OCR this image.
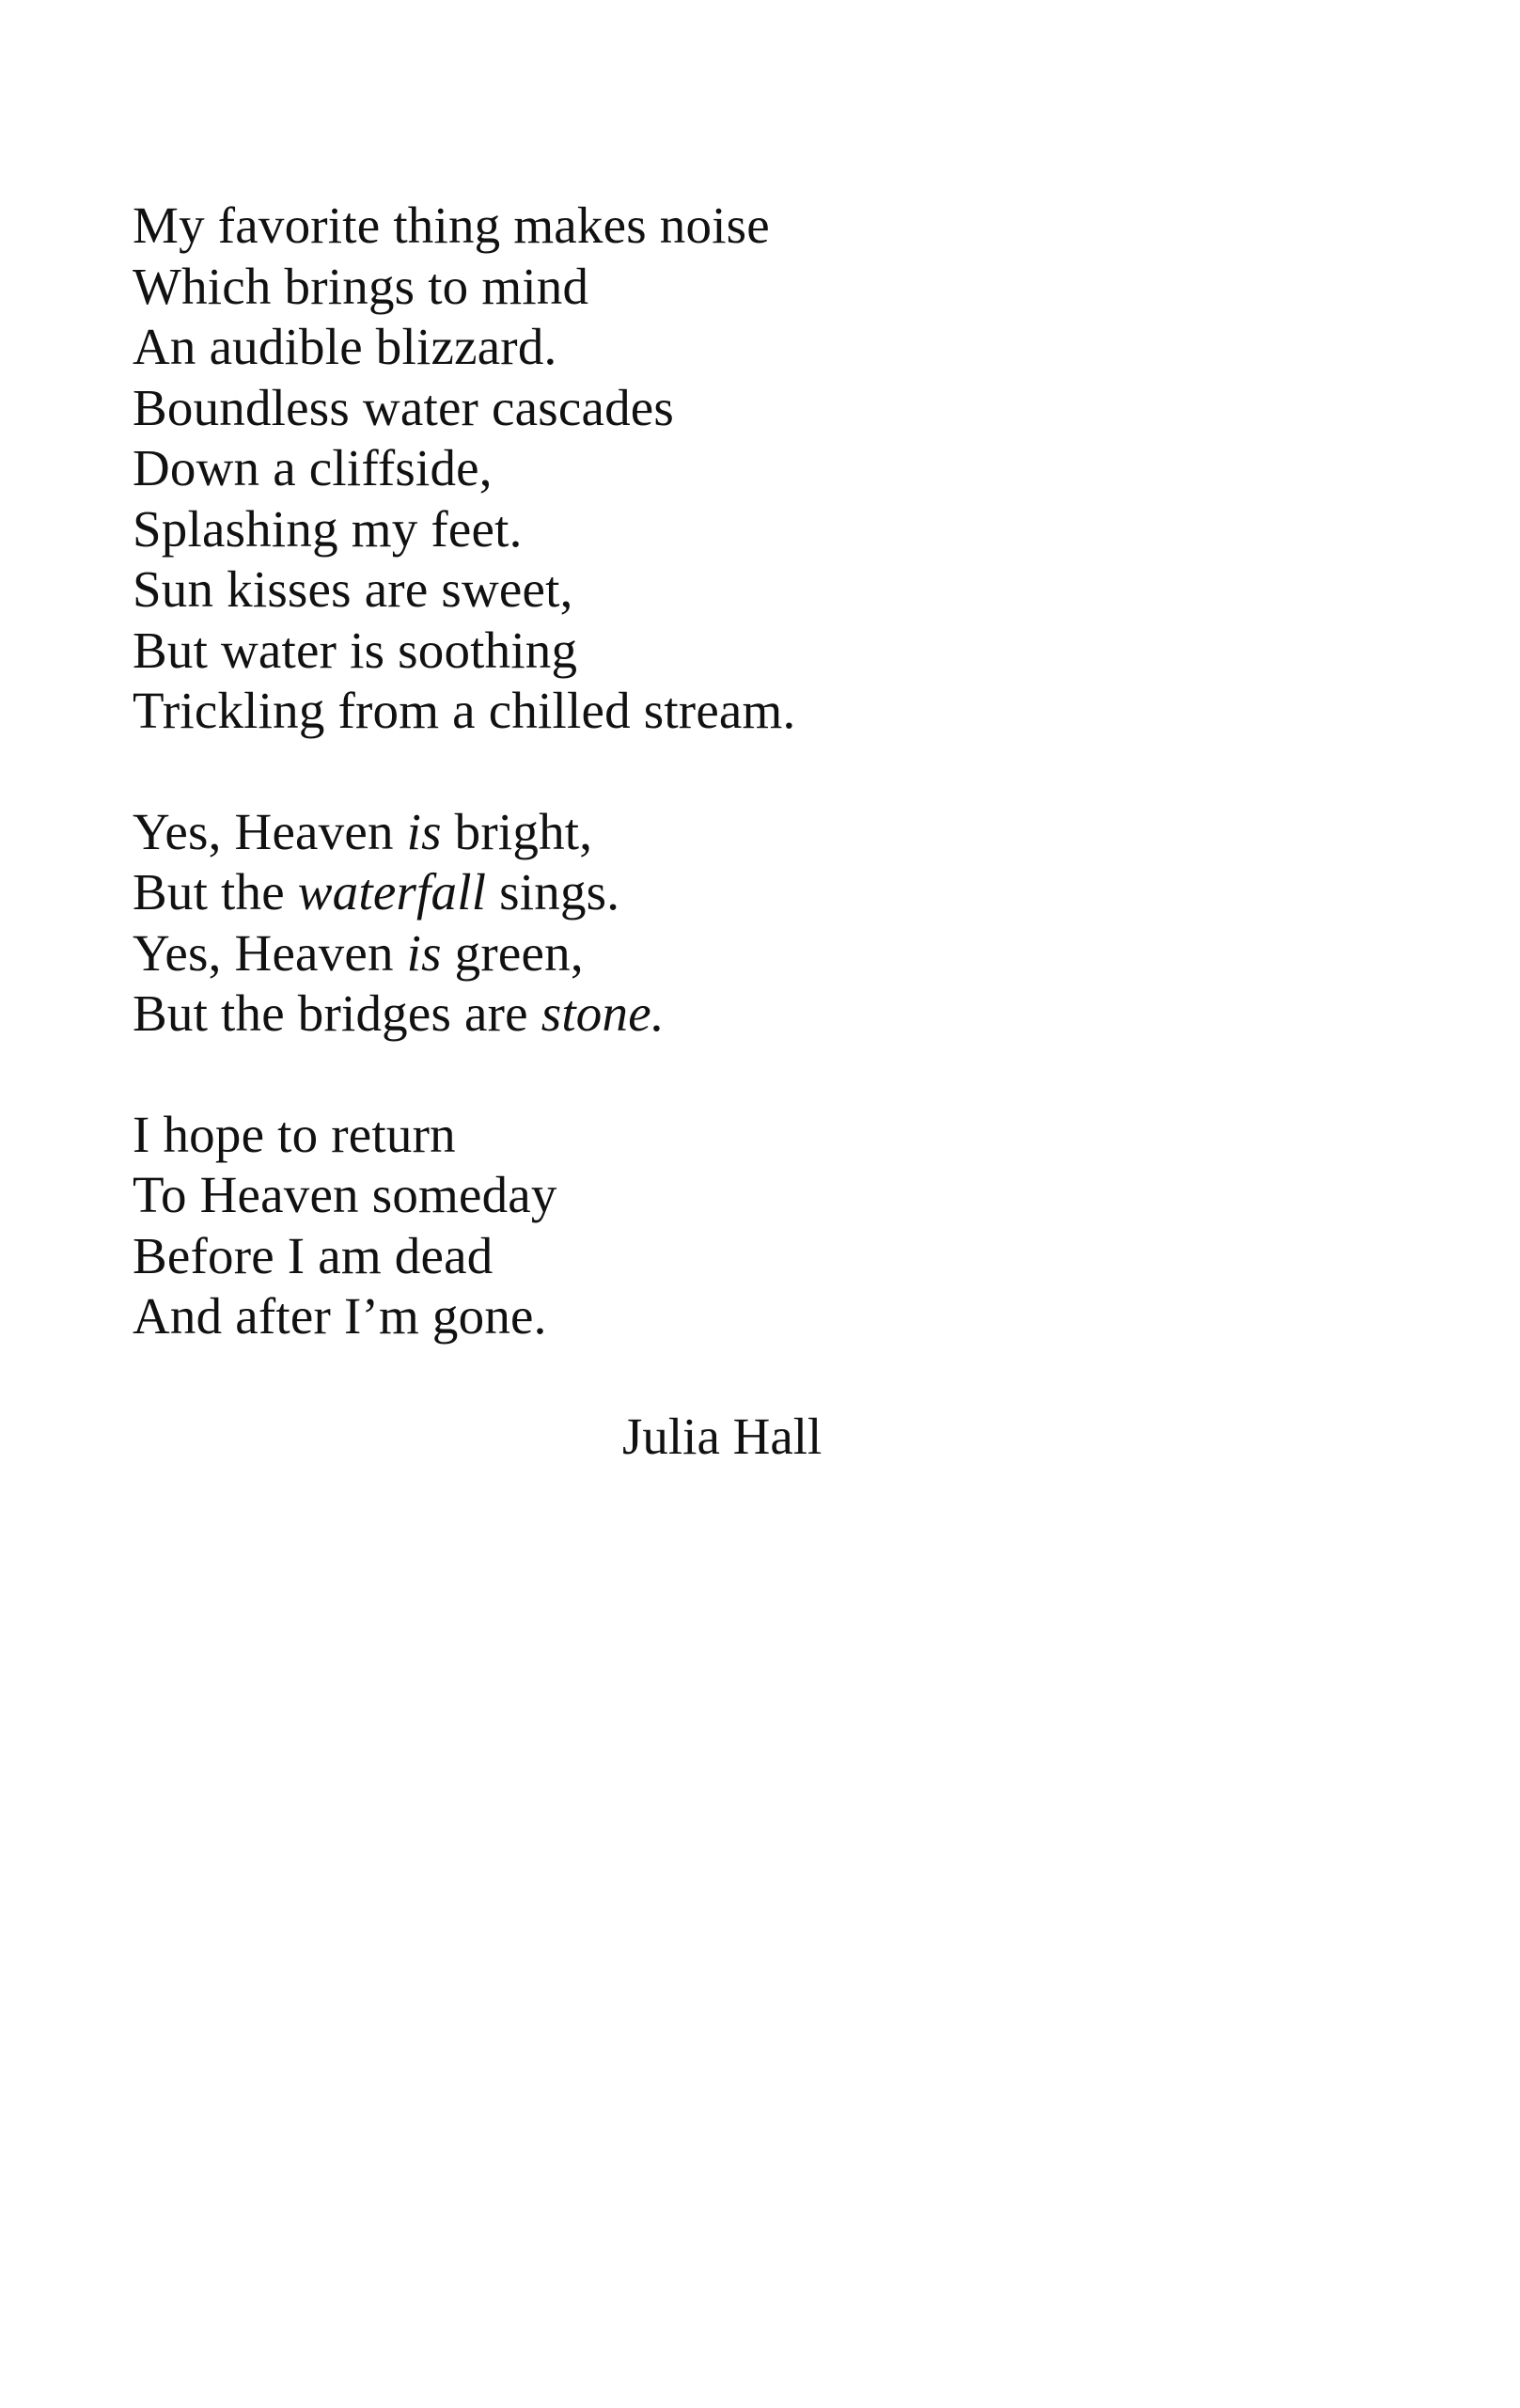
My favorite thing makes noise
Which brings to mind
An audible blizzard.
Boundless water cascades
Down a cliffside,
Splashing my feet.
Sun kisses are sweet,
But water is soothing
Trickling from a chilled stream.
Yes, Heaven is bright,
But the waterfall sings.
Yes, Heaven is green,
But the bridges are stone.
I hope to return
To Heaven someday
Before I am dead
And after I’m gone.
Julia Hall
